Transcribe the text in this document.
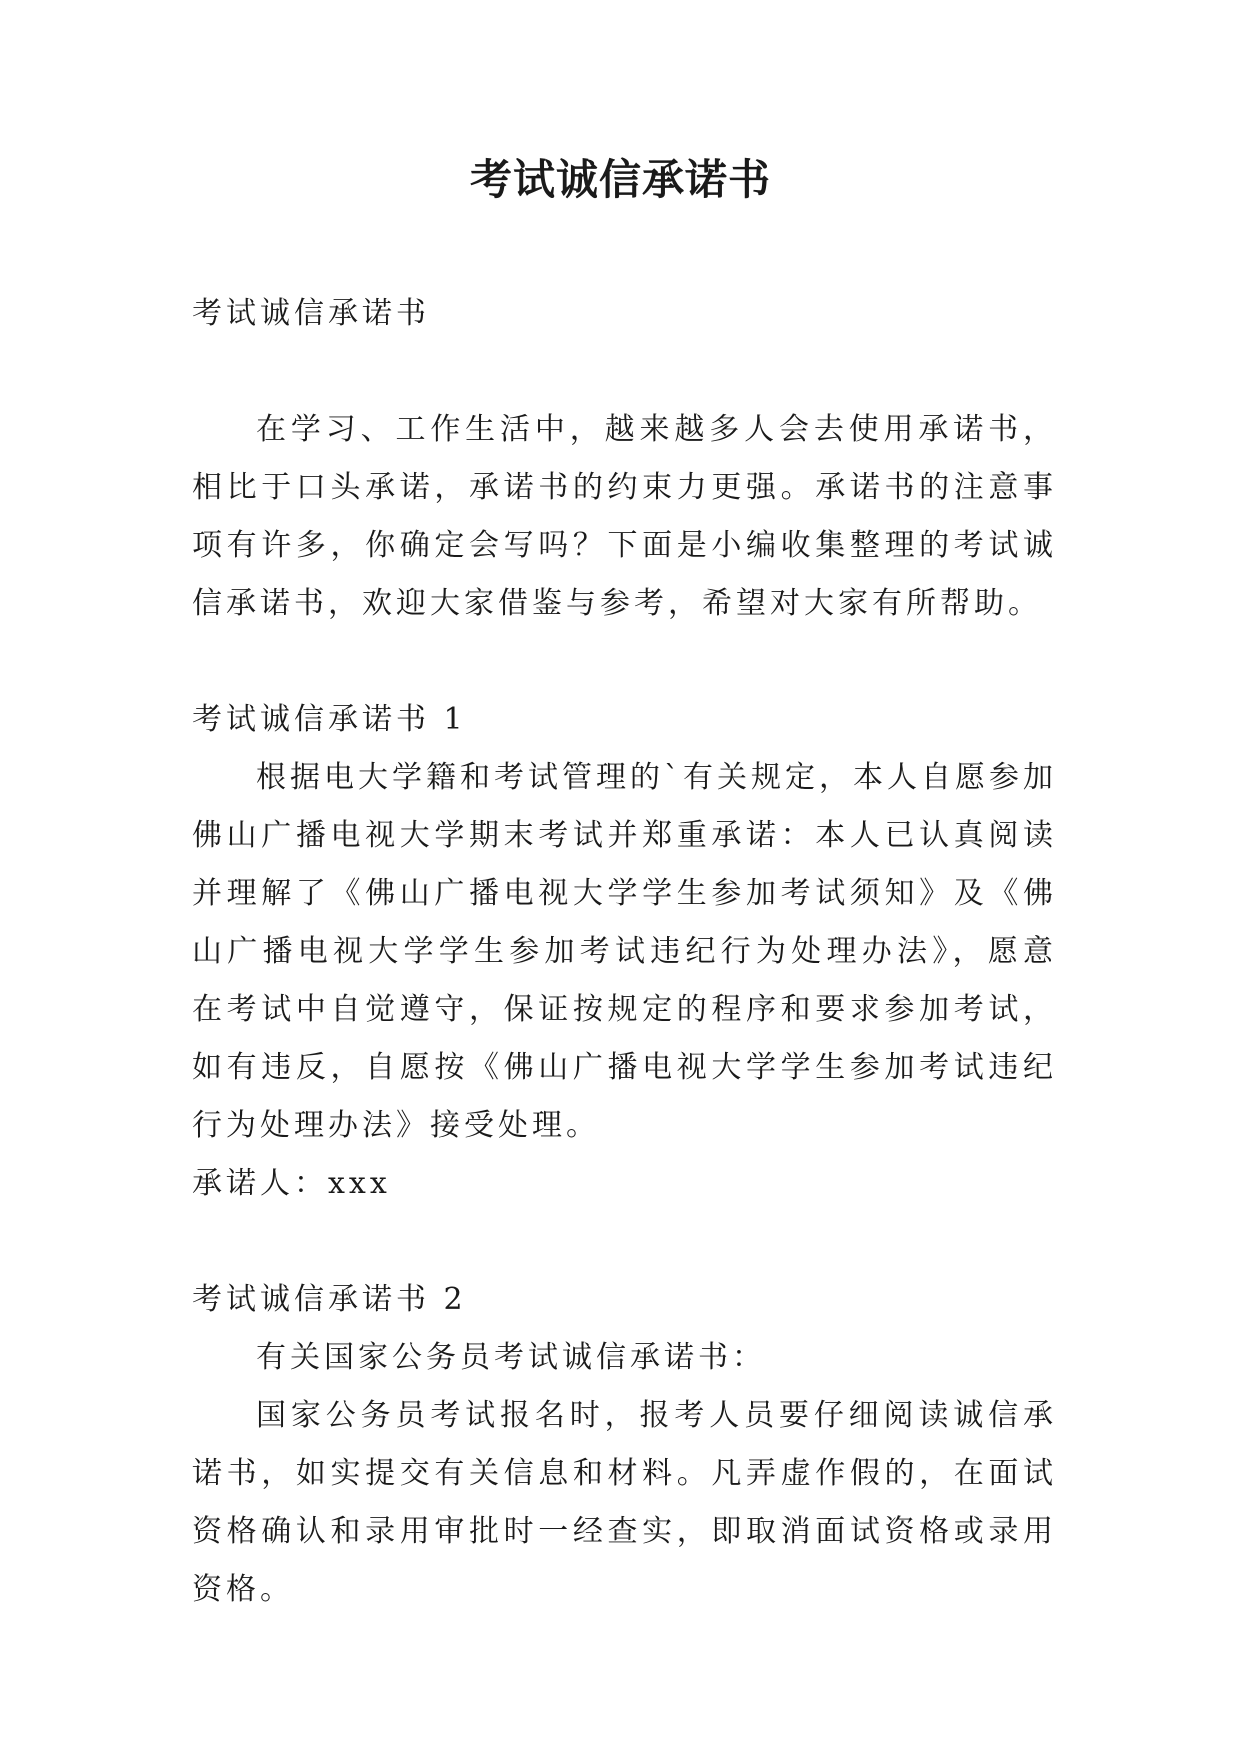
考试诚信承诺书

考试诚信承诺书

在学习、工作生活中，越来越多人会去使用承诺书，相比于口头承诺，承诺书的约束力更强。承诺书的注意事项有许多，你确定会写吗？下面是小编收集整理的考试诚信承诺书，欢迎大家借鉴与参考，希望对大家有所帮助。

考试诚信承诺书 1

根据电大学籍和考试管理的`有关规定，本人自愿参加佛山广播电视大学期末考试并郑重承诺：本人已认真阅读并理解了《佛山广播电视大学学生参加考试须知》及《佛山广播电视大学学生参加考试违纪行为处理办法》，愿意在考试中自觉遵守，保证按规定的程序和要求参加考试，如有违反，自愿按《佛山广播电视大学学生参加考试违纪行为处理办法》接受处理。

承诺人：xxx

考试诚信承诺书 2

有关国家公务员考试诚信承诺书：

国家公务员考试报名时，报考人员要仔细阅读诚信承诺书，如实提交有关信息和材料。凡弄虚作假的，在面试资格确认和录用审批时一经查实，即取消面试资格或录用资格。
